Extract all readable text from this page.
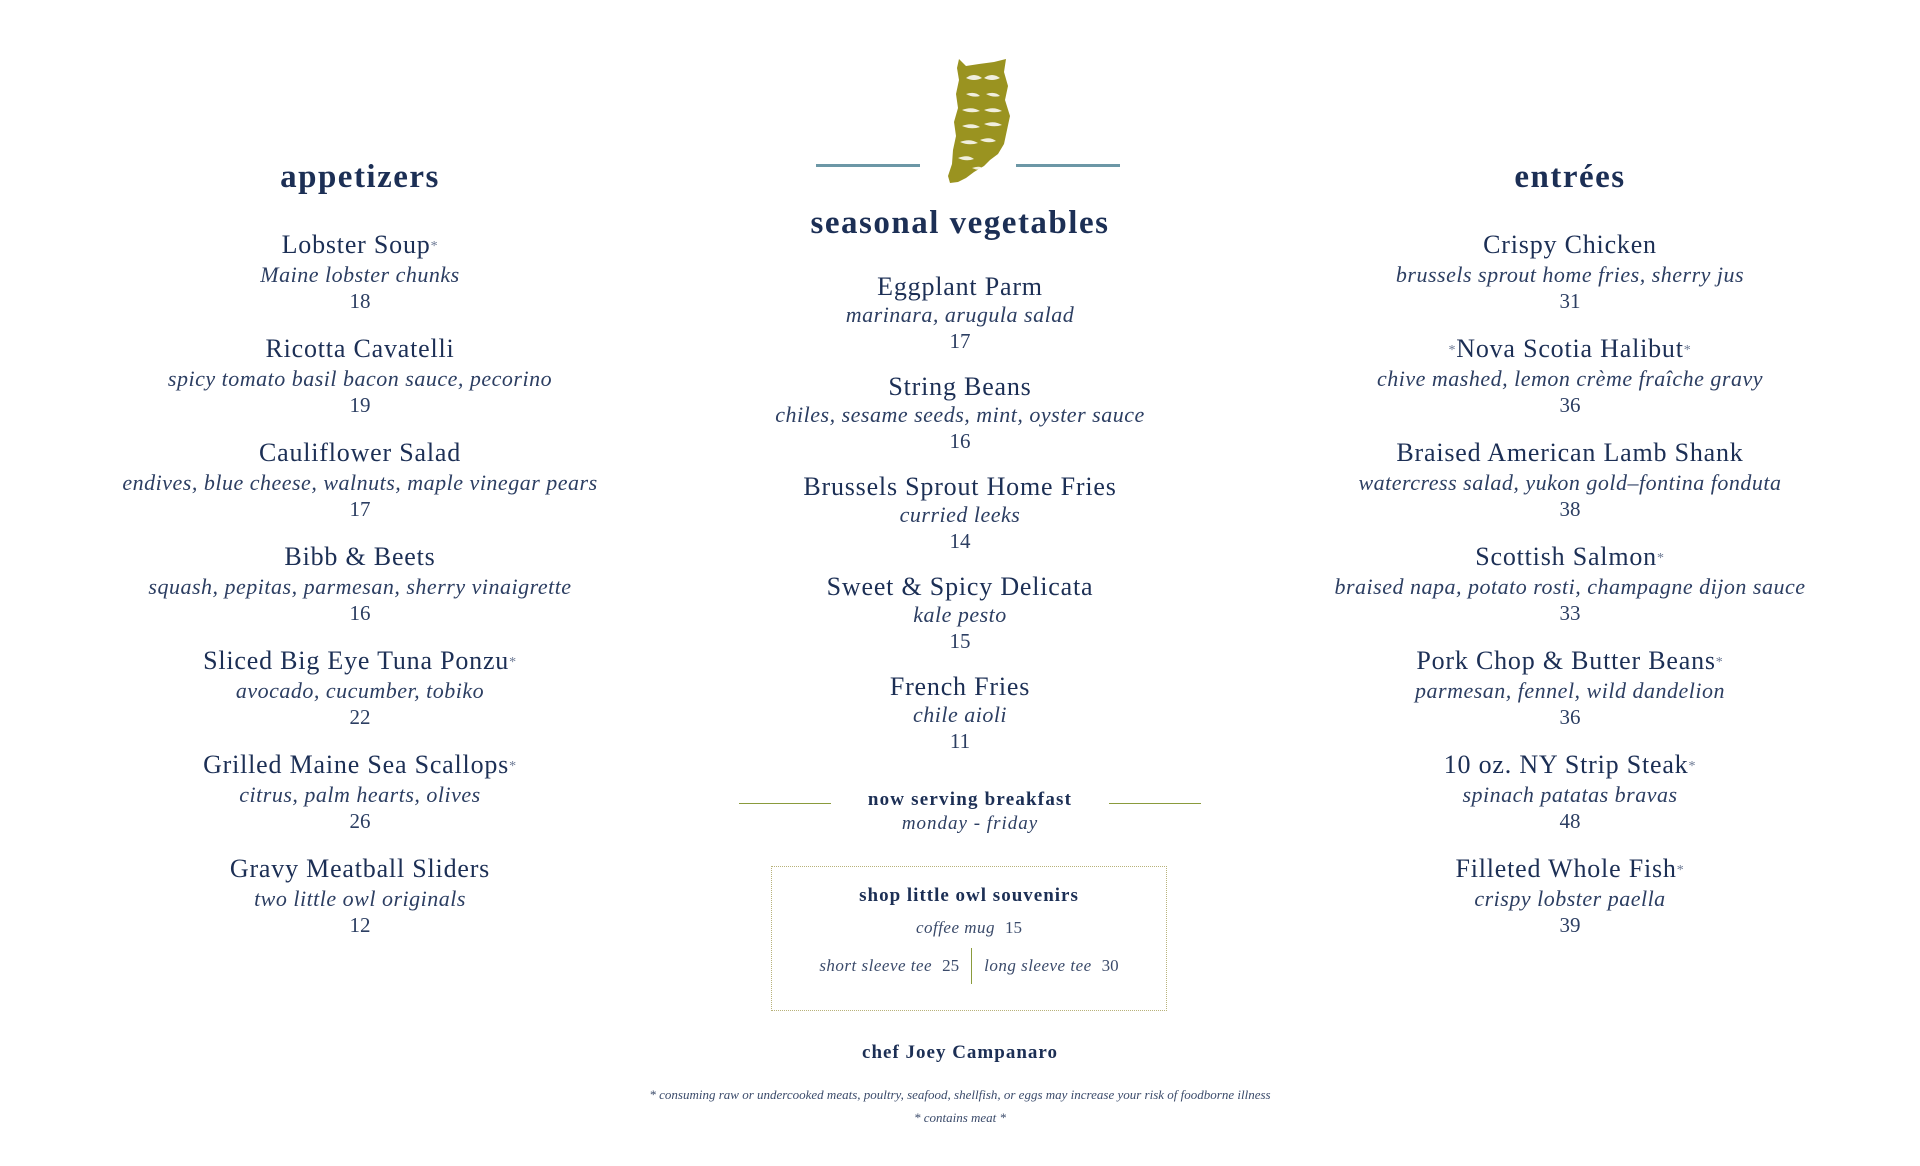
appetizers
Lobster Soup*
Maine lobster chunks
18
Ricotta Cavatelli
spicy tomato basil bacon sauce, pecorino
19
Cauliflower Salad
endives, blue cheese, walnuts, maple vinegar pears
17
Bibb & Beets
squash, pepitas, parmesan, sherry vinaigrette
16
Sliced Big Eye Tuna Ponzu*
avocado, cucumber, tobiko
22
Grilled Maine Sea Scallops*
citrus, palm hearts, olives
26
Gravy Meatball Sliders
two little owl originals
12
seasonal vegetables
Eggplant Parm
marinara, arugula salad
17
String Beans
chiles, sesame seeds, mint, oyster sauce
16
Brussels Sprout Home Fries
curried leeks
14
Sweet & Spicy Delicata
kale pesto
15
French Fries
chile aioli
11
entrées
Crispy Chicken
brussels sprout home fries, sherry jus
31
*Nova Scotia Halibut*
chive mashed, lemon crème fraîche gravy
36
Braised American Lamb Shank
watercress salad, yukon gold–fontina fonduta
38
Scottish Salmon*
braised napa, potato rosti, champagne dijon sauce
33
Pork Chop & Butter Beans*
parmesan, fennel, wild dandelion
36
10 oz. NY Strip Steak*
spinach patatas bravas
48
Filleted Whole Fish*
crispy lobster paella
39
now serving breakfast
monday - friday
shop little owl souvenirs
coffee mug 15
short sleeve tee 25 long sleeve tee 30
chef Joey Campanaro
* consuming raw or undercooked meats, poultry, seafood, shellfish, or eggs may increase your risk of foodborne illness
* contains meat *
